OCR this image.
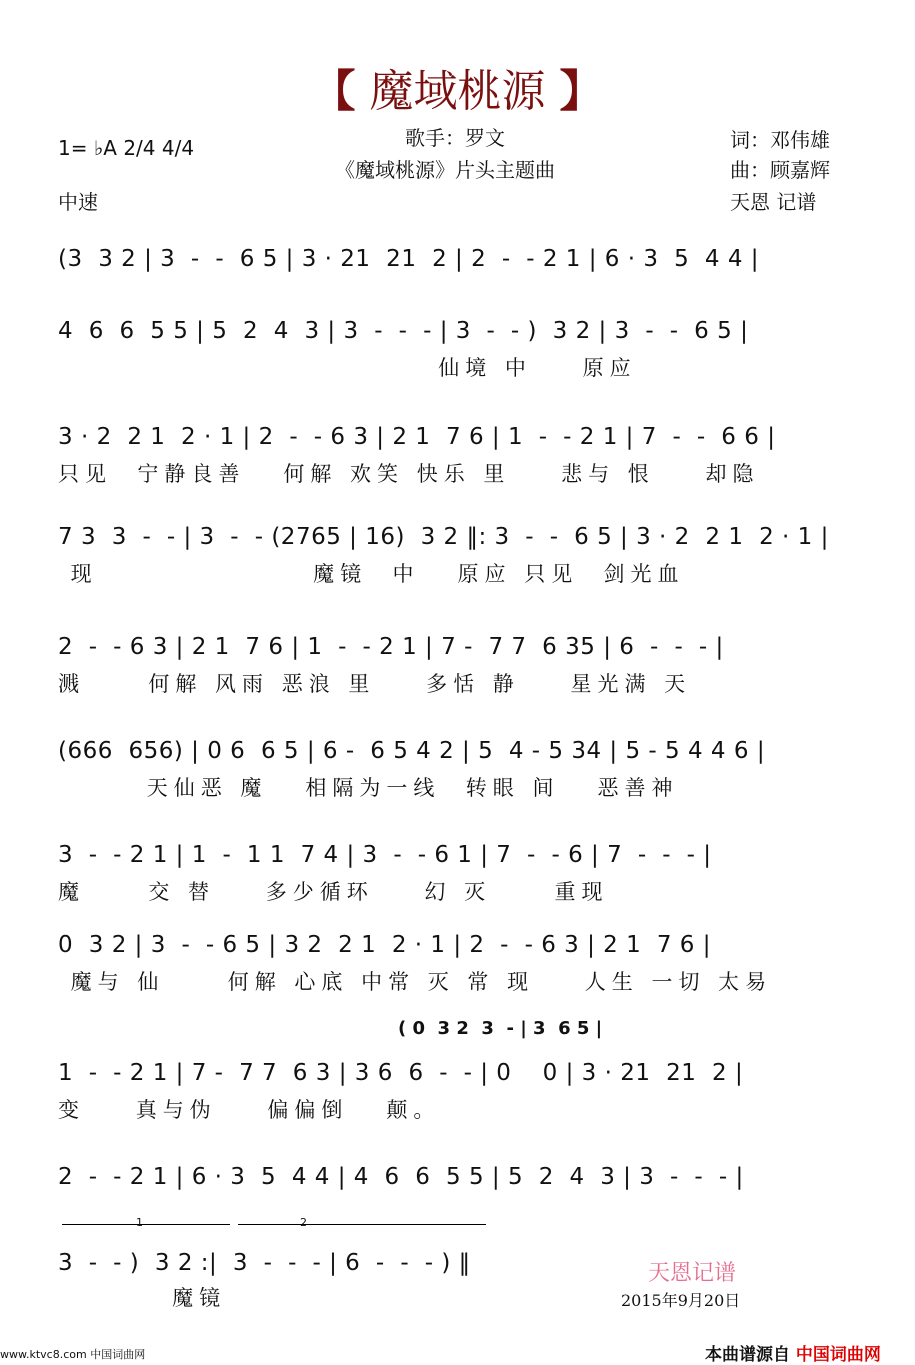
【 魔域桃源 】
1= ♭A 2/4 4/4
中速
歌手：罗文
《魔域桃源》片头主题曲
词：邓伟雄
曲：顾嘉辉
天恩 记谱
(3  3 2 | 3  -  -  6 5 | 3 · 21  21  2 | 2  -  - 2 1 | 6 · 3  5  4 4 |
4  6  6  5 5 | 5  2  4  3 | 3  -  -  - | 3  -  - )  3 2 | 3  -  -  6 5 |
仙境 中    原应
3 · 2  2 1  2 · 1 | 2  -  - 6 3 | 2 1  7 6 | 1  -  - 2 1 | 7  -  -  6 6 |
只见  宁静良善   何解 欢笑 快乐 里    悲与 恨    却隐
7 3  3  -  - | 3  -  - (2765 | 16)  3 2 ‖: 3  -  -  6 5 | 3 · 2  2 1  2 · 1 |
现                 魔镜  中   原应 只见  剑光血
2  -  - 6 3 | 2 1  7 6 | 1  -  - 2 1 | 7 -  7 7  6 35 | 6  -  -  - |
溅     何解 风雨 恶浪 里    多恬 静    星光满 天
(666  656) | 0 6  6 5 | 6 -  6 5 4 2 | 5  4 - 5 34 | 5 - 5 4 4 6 |
天仙恶 魔   相隔为一线  转眼 间   恶善神
3  -  - 2 1 | 1  -  1 1  7 4 | 3  -  - 6 1 | 7  -  - 6 | 7  -  -  - |
魔     交 替    多少循环    幻 灭     重现
0  3 2 | 3  -  - 6 5 | 3 2  2 1  2 · 1 | 2  -  - 6 3 | 2 1  7 6 |
魔与 仙     何解 心底 中常 灭 常 现    人生 一切 太易
( 0  3 2  3  - | 3  6 5 |
1  -  - 2 1 | 7 -  7 7  6 3 | 3 6  6  -  - | 0    0 | 3 · 21  21  2 |
变    真与伪    偏偏倒   颠。
2  -  - 2 1 | 6 · 3  5  4 4 | 4  6  6  5 5 | 5  2  4  3 | 3  -  -  - |
1	2
3  -  - )  3 2 :|  3  -  -  - | 6  -  -  - ) ‖
魔镜
天恩记谱
2015年9月20日
www.ktvc8.com 中国词曲网	本曲谱源自 中国词曲网
